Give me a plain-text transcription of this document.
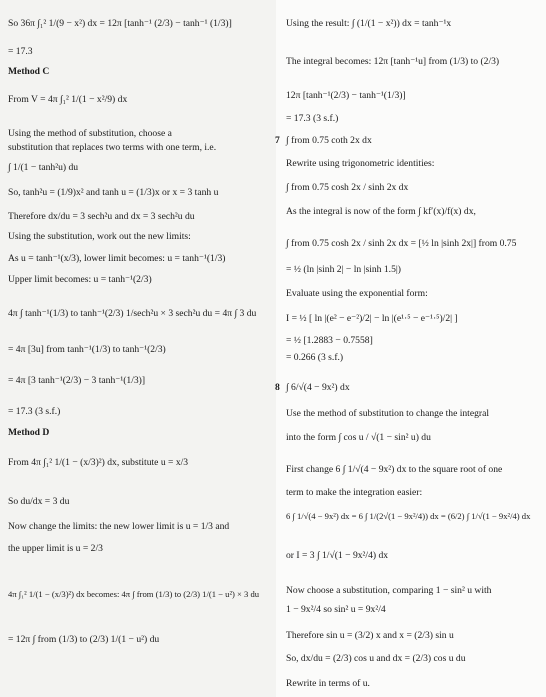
So 36π ∫₁² 1/(9 − x²) dx = 12π [tanh⁻¹ (2/3) − tanh⁻¹ (1/3)]
= 17.3
Method C
From V = 4π ∫₁² 1/(1 − x²/9) dx
Using the method of substitution, choose a
substitution that replaces two terms with one term, i.e.
∫ 1/(1 − tanh²u) du
So, tanh²u = (1/9)x² and tanh u = (1/3)x or x = 3 tanh u
Therefore dx/du = 3 sech²u and dx = 3 sech²u du
Using the substitution, work out the new limits:
As u = tanh⁻¹(x/3), lower limit becomes: u = tanh⁻¹(1/3)
Upper limit becomes: u = tanh⁻¹(2/3)
4π ∫ tanh⁻¹(1/3) to tanh⁻¹(2/3) 1/sech²u × 3 sech²u du = 4π ∫ 3 du
= 4π [3u] from tanh⁻¹(1/3) to tanh⁻¹(2/3)
= 4π [3 tanh⁻¹(2/3) − 3 tanh⁻¹(1/3)]
= 17.3 (3 s.f.)
Method D
From 4π ∫₁² 1/(1 − (x/3)²) dx, substitute u = x/3
So du/dx = 3 du
Now change the limits: the new lower limit is u = 1/3 and
the upper limit is u = 2/3
4π ∫₁² 1/(1 − (x/3)²) dx becomes: 4π ∫ from (1/3) to (2/3) 1/(1 − u²) × 3 du
= 12π ∫ from (1/3) to (2/3) 1/(1 − u²) du
Using the result: ∫ (1/(1 − x²)) dx = tanh⁻¹x
The integral becomes: 12π [tanh⁻¹u] from (1/3) to (2/3)
12π [tanh⁻¹(2/3) − tanh⁻¹(1/3)]
= 17.3 (3 s.f.)
7 ∫ from 0.75 coth 2x dx
Rewrite using trigonometric identities:
∫ from 0.75 cosh 2x / sinh 2x dx
As the integral is now of the form ∫ kf′(x)/f(x) dx,
∫ from 0.75 cosh 2x / sinh 2x dx = [½ ln |sinh 2x|] from 0.75
= ½ (ln |sinh 2| − ln |sinh 1.5|)
Evaluate using the exponential form:
I = ½ [ ln |(e² − e⁻²)/2| − ln |(e¹·⁵ − e⁻¹·⁵)/2| ]
= ½ [1.2883 − 0.7558]
= 0.266 (3 s.f.)
8 ∫ 6/√(4 − 9x²) dx
Use the method of substitution to change the integral
into the form ∫ cos u / √(1 − sin² u) du
First change 6 ∫ 1/√(4 − 9x²) dx to the square root of one
term to make the integration easier:
6 ∫ 1/√(4 − 9x²) dx = 6 ∫ 1/(2√(1 − 9x²/4)) dx = (6/2) ∫ 1/√(1 − 9x²/4) dx
or I = 3 ∫ 1/√(1 − 9x²/4) dx
Now choose a substitution, comparing 1 − sin² u with
1 − 9x²/4 so sin² u = 9x²/4
Therefore sin u = (3/2) x and x = (2/3) sin u
So, dx/du = (2/3) cos u and dx = (2/3) cos u du
Rewrite in terms of u.
